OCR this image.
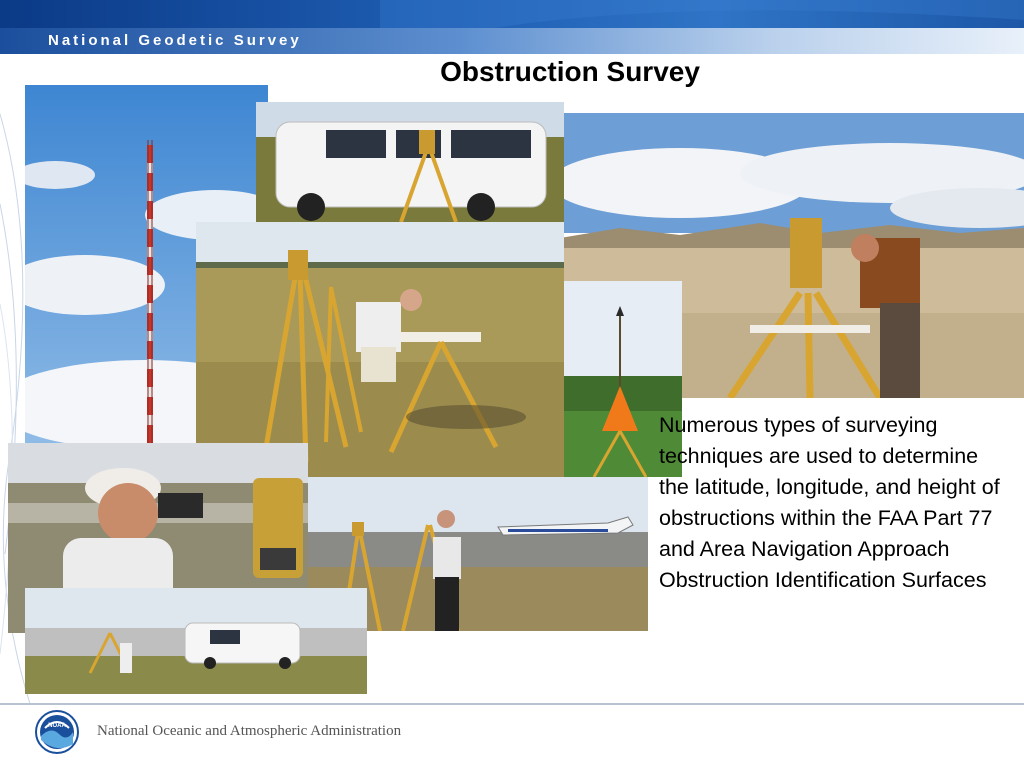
National Geodetic Survey
Obstruction Survey
Numerous types of surveying techniques are used to determine the latitude, longitude, and height of obstructions within the FAA Part 77 and Area Navigation Approach Obstruction Identification Surfaces
NOAA National Oceanic and Atmospheric Administration
